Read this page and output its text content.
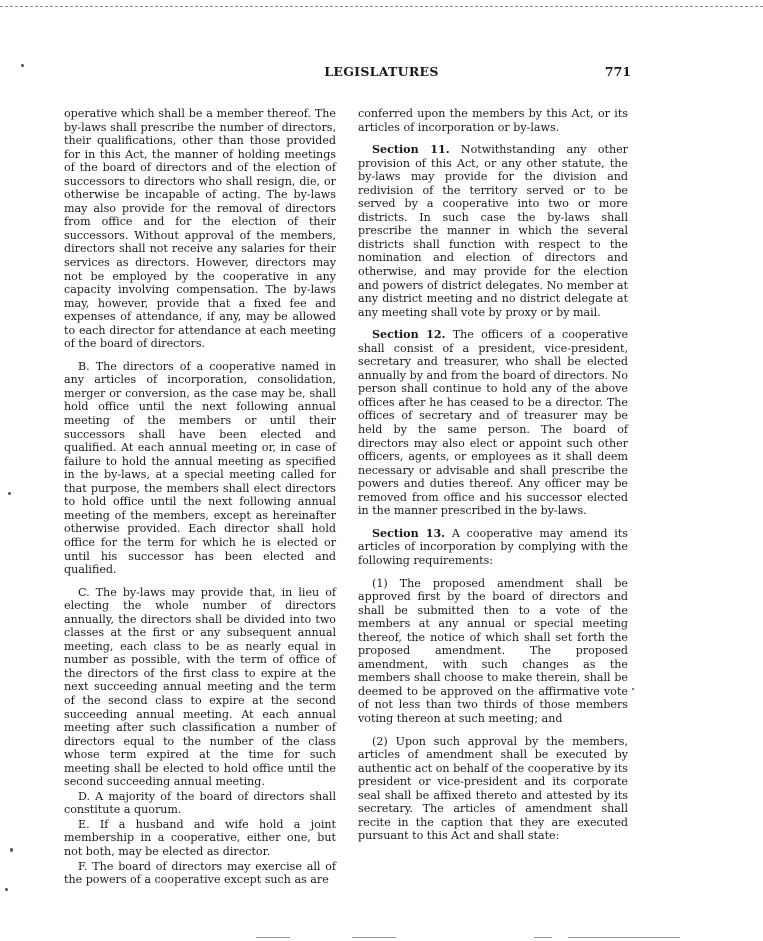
LEGISLATURES	771

operative which shall be a member thereof. The by-laws shall prescribe the number of directors, their qualifications, other than those provided for in this Act, the manner of holding meetings of the board of directors and of the election of successors to directors who shall resign, die, or otherwise be incapable of acting. The by-laws may also provide for the removal of directors from office and for the election of their successors. Without approval of the members, directors shall not receive any salaries for their services as directors. However, directors may not be employed by the cooperative in any capacity involving compensation. The by-laws may, however, provide that a fixed fee and expenses of attendance, if any, may be allowed to each director for attendance at each meeting of the board of directors.

B. The directors of a cooperative named in any articles of incorporation, consolidation, merger or conversion, as the case may be, shall hold office until the next following annual meeting of the members or until their successors shall have been elected and qualified. At each annual meeting or, in case of failure to hold the annual meeting as specified in the by-laws, at a special meeting called for that purpose, the members shall elect directors to hold office until the next following annual meeting of the members, except as hereinafter otherwise provided. Each director shall hold office for the term for which he is elected or until his successor has been elected and qualified.

C. The by-laws may provide that, in lieu of electing the whole number of directors annually, the directors shall be divided into two classes at the first or any subsequent annual meeting, each class to be as nearly equal in number as possible, with the term of office of the directors of the first class to expire at the next succeeding annual meeting and the term of the second class to expire at the second succeeding annual meeting. At each annual meeting after such classification a number of directors equal to the number of the class whose term expired at the time for such meeting shall be elected to hold office until the second succeeding annual meeting.

D. A majority of the board of directors shall constitute a quorum.

E. If a husband and wife hold a joint membership in a cooperative, either one, but not both, may be elected as director.

F. The board of directors may exercise all of the powers of a cooperative except such as are

conferred upon the members by this Act, or its articles of incorporation or by-laws.

Section 11. Notwithstanding any other provision of this Act, or any other statute, the by-laws may provide for the division and redivision of the territory served or to be served by a cooperative into two or more districts. In such case the by-laws shall prescribe the manner in which the several districts shall function with respect to the nomination and election of directors and otherwise, and may provide for the election and powers of district delegates. No member at any district meeting and no district delegate at any meeting shall vote by proxy or by mail.

Section 12. The officers of a cooperative shall consist of a president, vice-president, secretary and treasurer, who shall be elected annually by and from the board of directors. No person shall continue to hold any of the above offices after he has ceased to be a director. The offices of secretary and of treasurer may be held by the same person. The board of directors may also elect or appoint such other officers, agents, or employees as it shall deem necessary or advisable and shall prescribe the powers and duties thereof. Any officer may be removed from office and his successor elected in the manner prescribed in the by-laws.

Section 13. A cooperative may amend its articles of incorporation by complying with the following requirements:

(1) The proposed amendment shall be approved first by the board of directors and shall be submitted then to a vote of the members at any annual or special meeting thereof, the notice of which shall set forth the proposed amendment. The proposed amendment, with such changes as the members shall choose to make therein, shall be deemed to be approved on the affirmative vote of not less than two thirds of those members voting thereon at such meeting; and

(2) Upon such approval by the members, articles of amendment shall be executed by authentic act on behalf of the cooperative by its president or vice-president and its corporate seal shall be affixed thereto and attested by its secretary. The articles of amendment shall recite in the caption that they are executed pursuant to this Act and shall state:
